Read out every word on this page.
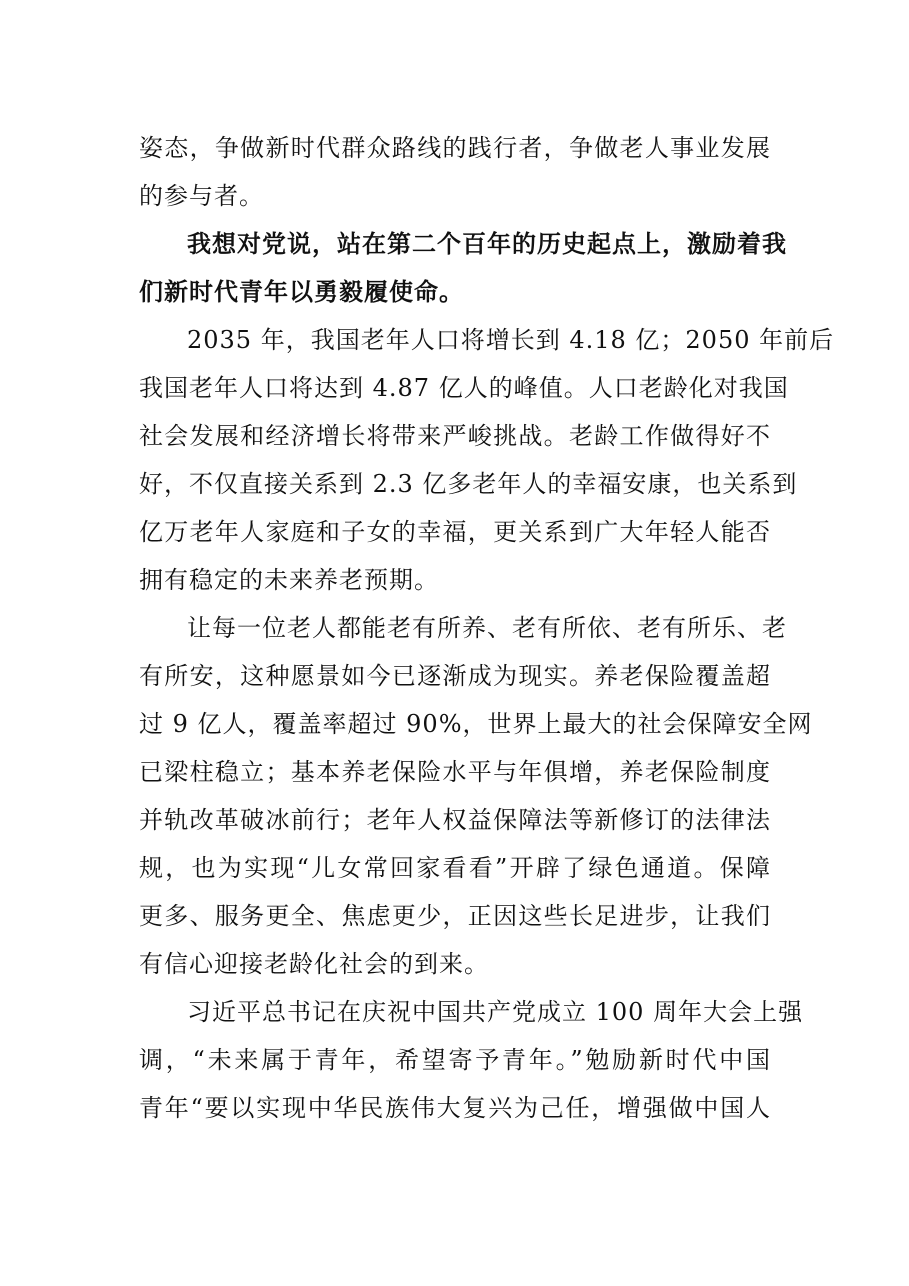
姿态，争做新时代群众路线的践行者，争做老人事业发展
的参与者。
我想对党说，站在第二个百年的历史起点上，激励着我
们新时代青年以勇毅履使命。
2035 年，我国老年人口将增长到 4.18 亿；2050 年前后
我国老年人口将达到 4.87 亿人的峰值。人口老龄化对我国
社会发展和经济增长将带来严峻挑战。老龄工作做得好不
好，不仅直接关系到 2.3 亿多老年人的幸福安康，也关系到
亿万老年人家庭和子女的幸福，更关系到广大年轻人能否
拥有稳定的未来养老预期。
让每一位老人都能老有所养、老有所依、老有所乐、老
有所安，这种愿景如今已逐渐成为现实。养老保险覆盖超
过 9 亿人，覆盖率超过 90%，世界上最大的社会保障安全网
已梁柱稳立；基本养老保险水平与年俱增，养老保险制度
并轨改革破冰前行；老年人权益保障法等新修订的法律法
规，也为实现“儿女常回家看看”开辟了绿色通道。保障
更多、服务更全、焦虑更少，正因这些长足进步，让我们
有信心迎接老龄化社会的到来。
习近平总书记在庆祝中国共产党成立 100 周年大会上强
调，“未来属于青年，希望寄予青年。”勉励新时代中国
青年“要以实现中华民族伟大复兴为己任，增强做中国人
